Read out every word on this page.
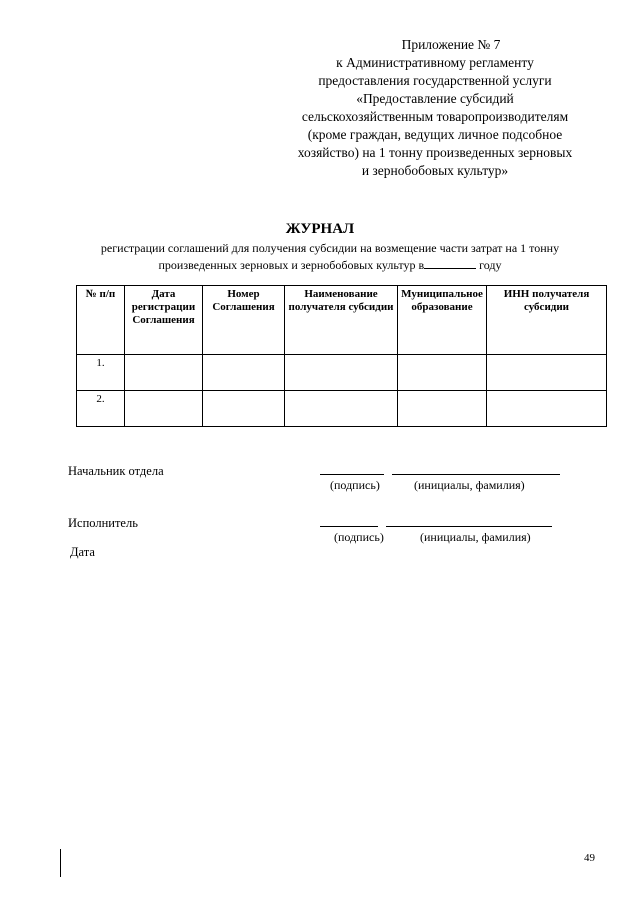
Приложение № 7
к Административному регламенту
предоставления государственной услуги
«Предоставление субсидий
сельскохозяйственным товаропроизводителям
(кроме граждан, ведущих личное подсобное
хозяйство) на 1 тонну произведенных зерновых
и зернобобовых культур»
ЖУРНАЛ
регистрации соглашений для получения субсидии на возмещение части затрат на 1 тонну
произведенных зерновых и зернобобовых культур в	году
№ п/п	Дата регистрации Соглашения	Номер Соглашения	Наименование получателя субсидии	Муниципальное образование	ИНН получателя субсидии
1.					
2.					
Начальник отдела
(подпись)	(инициалы, фамилия)
Исполнитель
(подпись)	(инициалы, фамилия)
Дата
49
